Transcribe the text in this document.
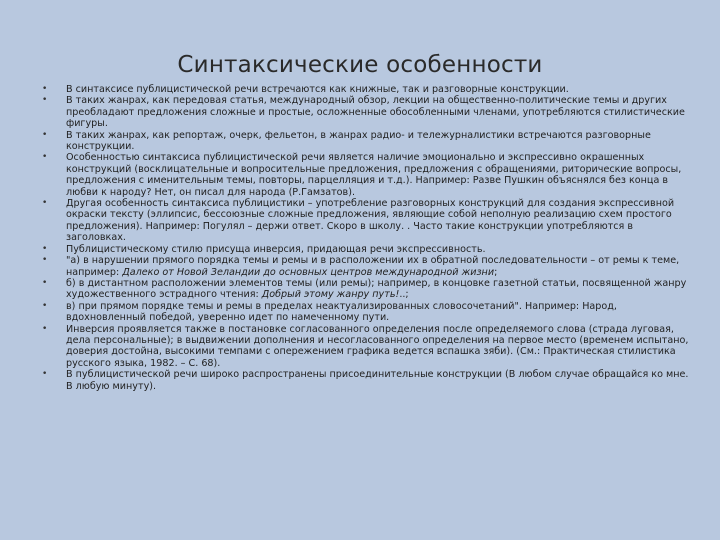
Синтаксические особенности
• В синтаксисе публицистической речи встречаются как книжные, так и разговорные конструкции.
• В таких жанрах, как передовая статья, международный обзор, лекции на общественно-политические темы и других преобладают предложения сложные и простые, осложненные обособленными членами, употребляются стилистические фигуры.
• В таких жанрах, как репортаж, очерк, фельетон, в жанрах радио- и тележурналистики встречаются разговорные конструкции.
• Особенностью синтаксиса публицистической речи является наличие эмоционально и экспрессивно окрашенных конструкций (восклицательные и вопросительные предложения, предложения с обращениями, риторические вопросы, предложения с именительным темы, повторы, парцелляция и т.д.). Например: Разве Пушкин объяснялся без конца в любви к народу? Нет, он писал для народа (Р.Гамзатов).
• Другая особенность синтаксиса публицистики – употребление разговорных конструкций для создания экспрессивной окраски тексту (эллипсис, бессоюзные сложные предложения, являющие собой неполную реализацию схем простого предложения). Например: Погулял – держи ответ. Скоро в школу. . Часто такие конструкции употребляются в заголовках.
• Публицистическому стилю присуща инверсия, придающая речи экспрессивность.
• "а) в нарушении прямого порядка темы и ремы и в расположении их в обратной последовательности – от ремы к теме, например: Далеко от Новой Зеландии до основных центров международной жизни;
• б) в дистантном расположении элементов темы (или ремы); например, в концовке газетной статьи, посвященной жанру художественного эстрадного чтения: Добрый этому жанру путь!..;
• в) при прямом порядке темы и ремы в пределах неактуализированных словосочетаний". Например: Народ, вдохновленный победой, уверенно идет по намеченному пути.
• Инверсия проявляется также в постановке согласованного определения после определяемого слова (страда луговая, дела персональные); в выдвижении дополнения и несогласованного определения на первое место (временем испытано, доверия достойна, высокими темпами с опережением графика ведется вспашка зяби). (См.: Практическая стилистика русского языка, 1982. – С. 68).
• В публицистической речи широко распространены присоединительные конструкции (В любом случае обращайся ко мне. В любую минуту).
